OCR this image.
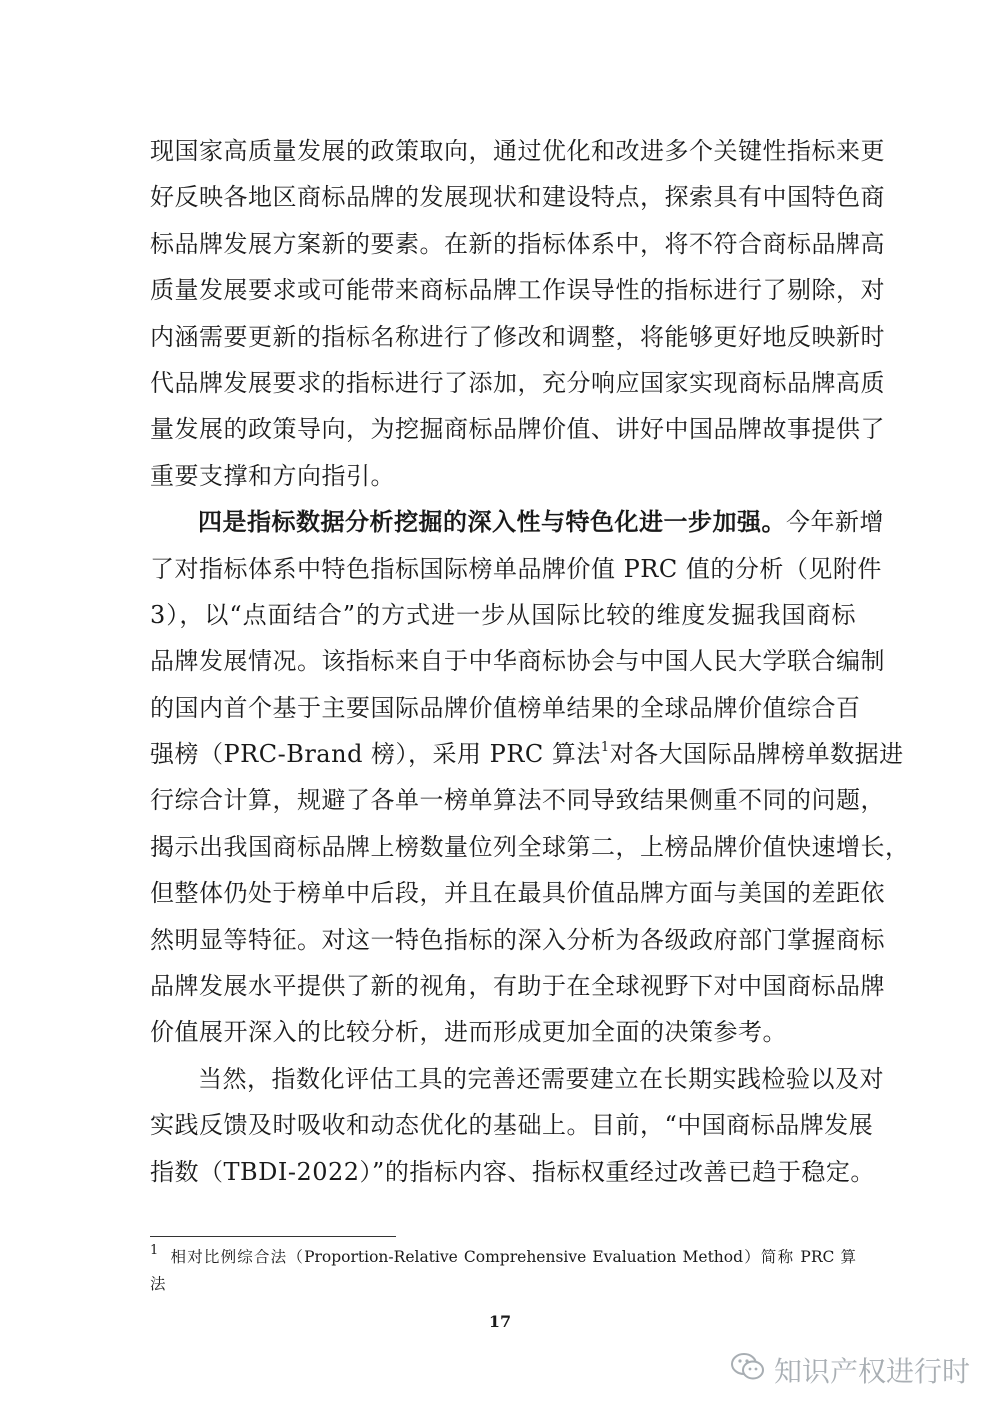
现国家高质量发展的政策取向，通过优化和改进多个关键性指标来更
好反映各地区商标品牌的发展现状和建设特点，探索具有中国特色商
标品牌发展方案新的要素。在新的指标体系中，将不符合商标品牌高
质量发展要求或可能带来商标品牌工作误导性的指标进行了剔除，对
内涵需要更新的指标名称进行了修改和调整，将能够更好地反映新时
代品牌发展要求的指标进行了添加，充分响应国家实现商标品牌高质
量发展的政策导向，为挖掘商标品牌价值、讲好中国品牌故事提供了
重要支撑和方向指引。
四是指标数据分析挖掘的深入性与特色化进一步加强。今年新增
了对指标体系中特色指标国际榜单品牌价值 PRC 值的分析（见附件
3），以“点面结合”的方式进一步从国际比较的维度发掘我国商标
品牌发展情况。该指标来自于中华商标协会与中国人民大学联合编制
的国内首个基于主要国际品牌价值榜单结果的全球品牌价值综合百
强榜（PRC-Brand 榜），采用 PRC 算法$^1$对各大国际品牌榜单数据进
行综合计算，规避了各单一榜单算法不同导致结果侧重不同的问题，
揭示出我国商标品牌上榜数量位列全球第二，上榜品牌价值快速增长，
但整体仍处于榜单中后段，并且在最具价值品牌方面与美国的差距依
然明显等特征。对这一特色指标的深入分析为各级政府部门掌握商标
品牌发展水平提供了新的视角，有助于在全球视野下对中国商标品牌
价值展开深入的比较分析，进而形成更加全面的决策参考。
当然，指数化评估工具的完善还需要建立在长期实践检验以及对
实践反馈及时吸收和动态优化的基础上。目前，“中国商标品牌发展
指数（TBDI-2022）”的指标内容、指标权重经过改善已趋于稳定。
$^1$ 相对比例综合法（Proportion-Relative Comprehensive Evaluation Method）简称 PRC 算
法
17
知识产权进行时
